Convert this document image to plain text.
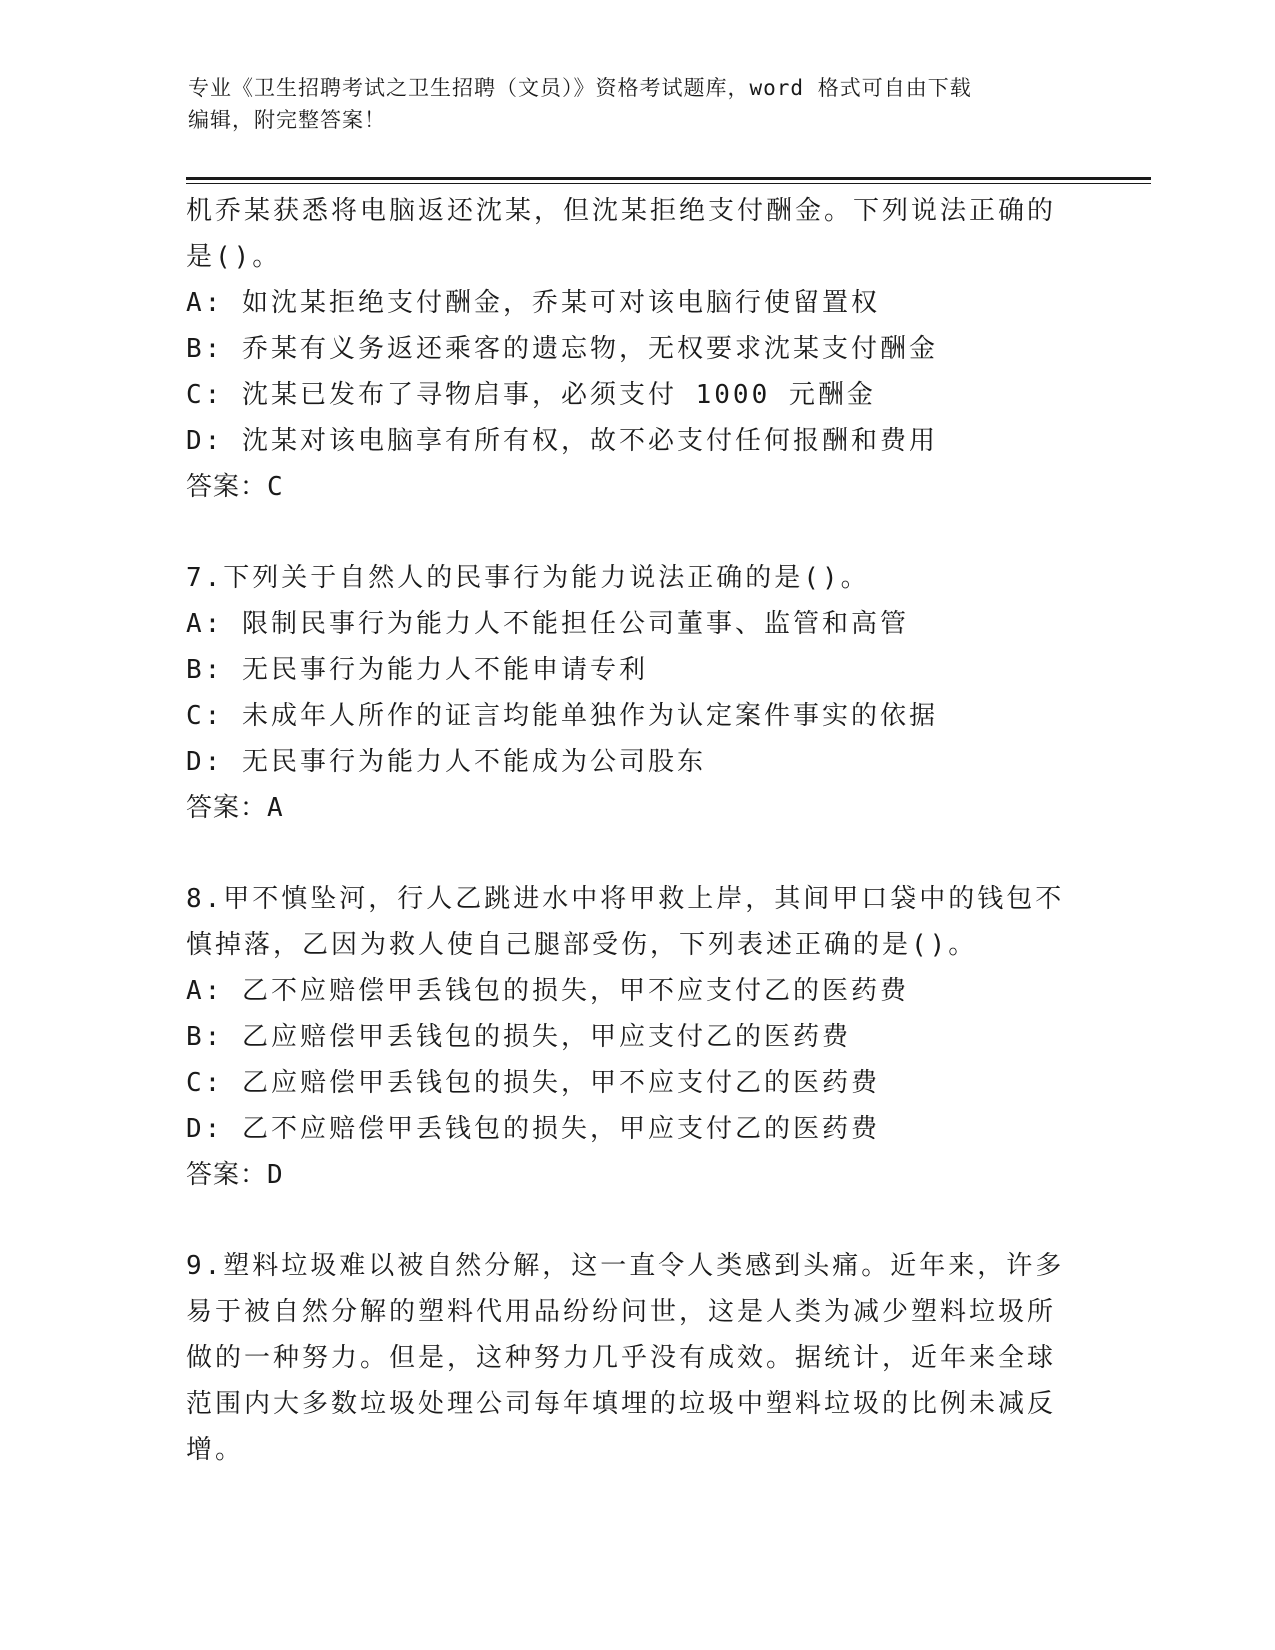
专业《卫生招聘考试之卫生招聘（文员）》资格考试题库，word 格式可自由下载
编辑，附完整答案！
机乔某获悉将电脑返还沈某，但沈某拒绝支付酬金。下列说法正确的
是()。
A: 如沈某拒绝支付酬金，乔某可对该电脑行使留置权
B: 乔某有义务返还乘客的遗忘物，无权要求沈某支付酬金
C: 沈某已发布了寻物启事，必须支付 1000 元酬金
D: 沈某对该电脑享有所有权，故不必支付任何报酬和费用
答案：C
7.下列关于自然人的民事行为能力说法正确的是()。
A: 限制民事行为能力人不能担任公司董事、监管和高管
B: 无民事行为能力人不能申请专利
C: 未成年人所作的证言均能单独作为认定案件事实的依据
D: 无民事行为能力人不能成为公司股东
答案：A
8.甲不慎坠河，行人乙跳进水中将甲救上岸，其间甲口袋中的钱包不
慎掉落，乙因为救人使自己腿部受伤，下列表述正确的是()。
A: 乙不应赔偿甲丢钱包的损失，甲不应支付乙的医药费
B: 乙应赔偿甲丢钱包的损失，甲应支付乙的医药费
C: 乙应赔偿甲丢钱包的损失，甲不应支付乙的医药费
D: 乙不应赔偿甲丢钱包的损失，甲应支付乙的医药费
答案：D
9.塑料垃圾难以被自然分解，这一直令人类感到头痛。近年来，许多
易于被自然分解的塑料代用品纷纷问世，这是人类为减少塑料垃圾所
做的一种努力。但是，这种努力几乎没有成效。据统计，近年来全球
范围内大多数垃圾处理公司每年填埋的垃圾中塑料垃圾的比例未减反
增。
